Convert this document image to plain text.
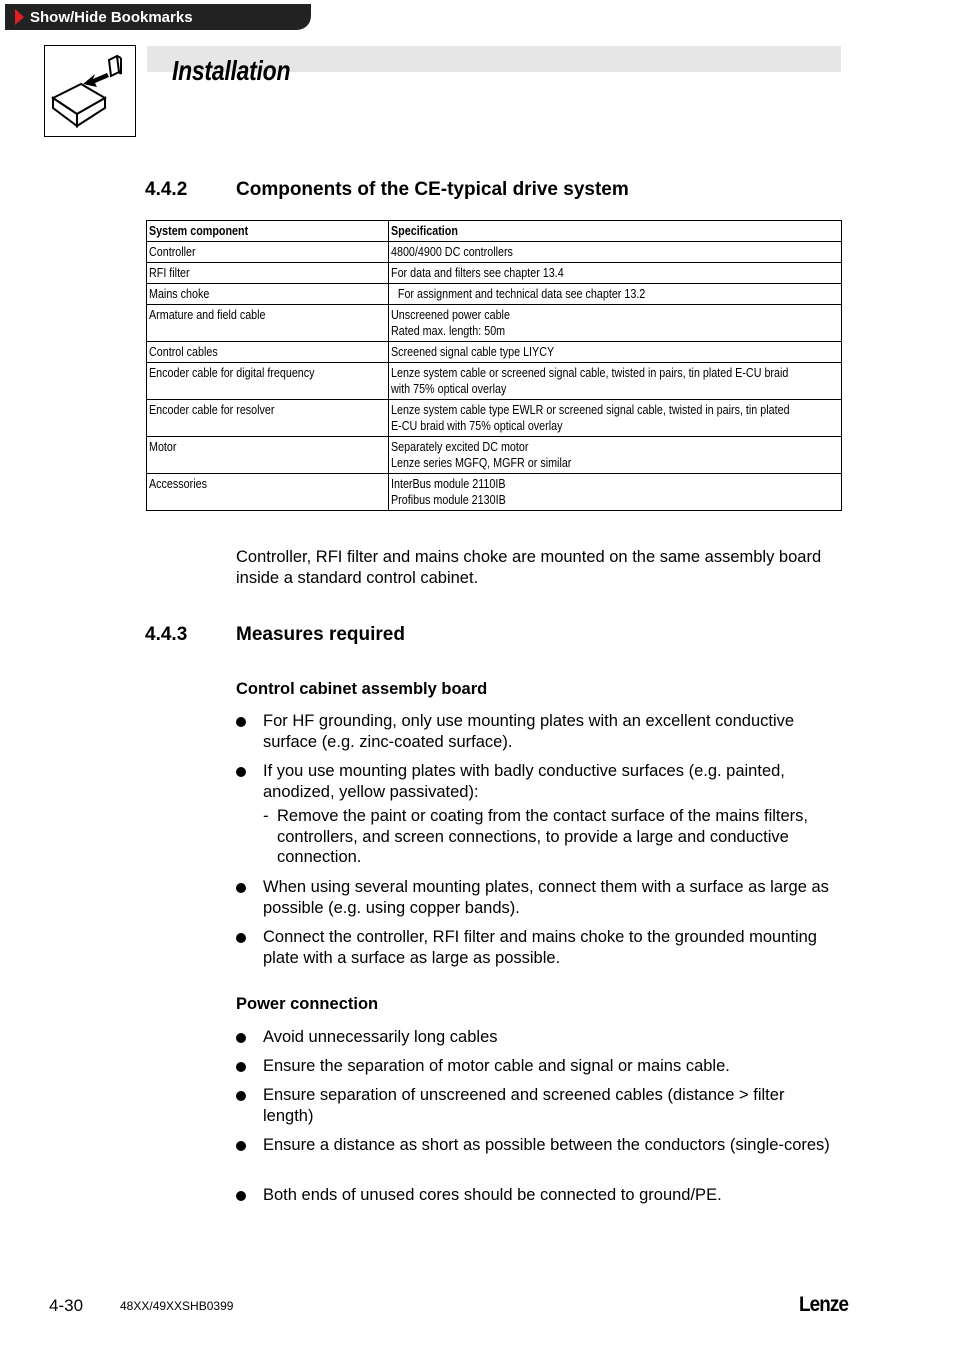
Show/Hide Bookmarks
Installation
4.4.2	Components of the CE-typical drive system
System component	Specification

Controller	4800/4900 DC controllers

RFI filter	For data and filters see chapter 13.4

Mains choke	For assignment and technical data see chapter 13.2

Armature and field cable	Unscreened power cable
Rated max. length: 50m

Control cables	Screened signal cable type LIYCY

Encoder cable for digital frequency	Lenze system cable or screened signal cable, twisted in pairs, tin plated E-CU braid
with 75% optical overlay

Encoder cable for resolver	Lenze system cable type EWLR or screened signal cable, twisted in pairs, tin plated
E-CU braid with 75% optical overlay

Motor	Separately excited DC motor
Lenze series MGFQ, MGFR or similar

Accessories	InterBus module 2110IB
Profibus module 2130IB
Controller, RFI filter and mains choke are mounted on the same assembly board inside a standard control cabinet.
4.4.3	Measures required
Control cabinet assembly board
For HF grounding, only use mounting plates with an excellent conductive surface (e.g. zinc-coated surface).
If you use mounting plates with badly conductive surfaces (e.g. painted, anodized, yellow passivated):
- Remove the paint or coating from the contact surface of the mains filters, controllers, and screen connections, to provide a large and conductive connection.
When using several mounting plates, connect them with a surface as large as possible (e.g. using copper bands).
Connect the controller, RFI filter and mains choke to the grounded mounting plate with a surface as large as possible.
Power connection
Avoid unnecessarily long cables
Ensure the separation of motor cable and signal or mains cable.
Ensure separation of unscreened and screened cables (distance > filter length)
Ensure a distance as short as possible between the conductors (single-cores)
Both ends of unused cores should be connected to ground/PE.
4-30	48XX/49XXSHB0399	Lenze
